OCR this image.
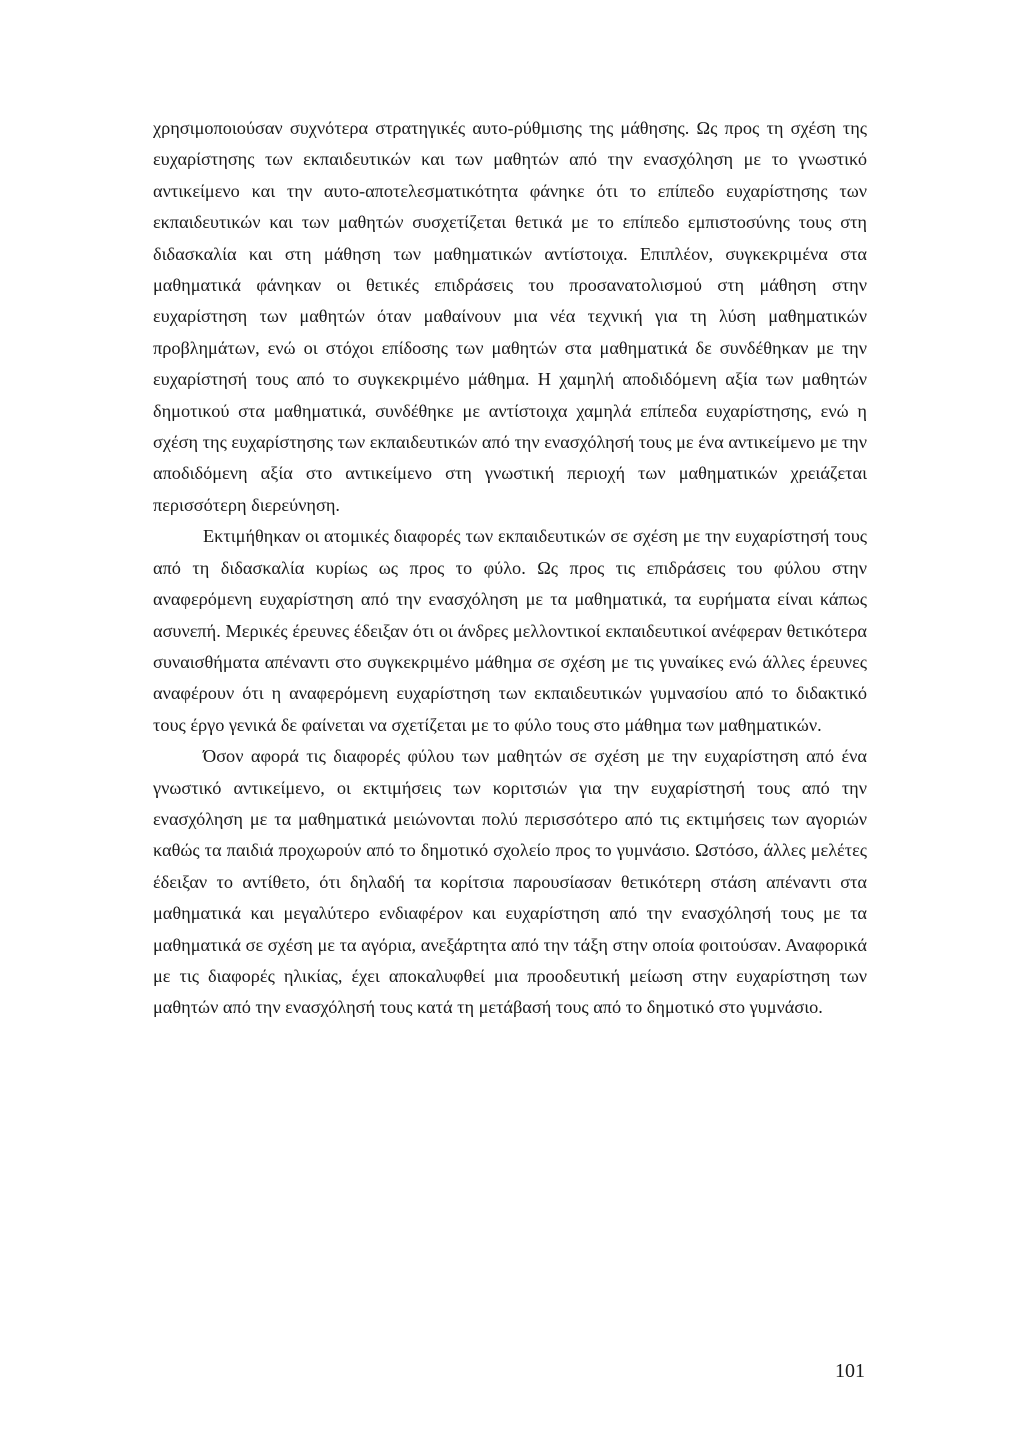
χρησιμοποιούσαν συχνότερα στρατηγικές αυτο-ρύθμισης της μάθησης. Ως προς τη σχέση της ευχαρίστησης των εκπαιδευτικών και των μαθητών από την ενασχόληση με το γνωστικό αντικείμενο και την αυτο-αποτελεσματικότητα φάνηκε ότι το επίπεδο ευχαρίστησης των εκπαιδευτικών και των μαθητών συσχετίζεται θετικά με το επίπεδο εμπιστοσύνης τους στη διδασκαλία και στη μάθηση των μαθηματικών αντίστοιχα. Επιπλέον, συγκεκριμένα στα μαθηματικά φάνηκαν οι θετικές επιδράσεις του προσανατολισμού στη μάθηση στην ευχαρίστηση των μαθητών όταν μαθαίνουν μια νέα τεχνική για τη λύση μαθηματικών προβλημάτων, ενώ οι στόχοι επίδοσης των μαθητών στα μαθηματικά δε συνδέθηκαν με την ευχαρίστησή τους από το συγκεκριμένο μάθημα. Η χαμηλή αποδιδόμενη αξία των μαθητών δημοτικού στα μαθηματικά, συνδέθηκε με αντίστοιχα χαμηλά επίπεδα ευχαρίστησης, ενώ η σχέση της ευχαρίστησης των εκπαιδευτικών από την ενασχόλησή τους με ένα αντικείμενο με την αποδιδόμενη αξία στο αντικείμενο στη γνωστική περιοχή των μαθηματικών χρειάζεται περισσότερη διερεύνηση.

Εκτιμήθηκαν οι ατομικές διαφορές των εκπαιδευτικών σε σχέση με την ευχαρίστησή τους από τη διδασκαλία κυρίως ως προς το φύλο. Ως προς τις επιδράσεις του φύλου στην αναφερόμενη ευχαρίστηση από την ενασχόληση με τα μαθηματικά, τα ευρήματα είναι κάπως ασυνεπή. Μερικές έρευνες έδειξαν ότι οι άνδρες μελλοντικοί εκπαιδευτικοί ανέφεραν θετικότερα συναισθήματα απέναντι στο συγκεκριμένο μάθημα σε σχέση με τις γυναίκες ενώ άλλες έρευνες αναφέρουν ότι η αναφερόμενη ευχαρίστηση των εκπαιδευτικών γυμνασίου από το διδακτικό τους έργο γενικά δε φαίνεται να σχετίζεται με το φύλο τους στο μάθημα των μαθηματικών.

Όσον αφορά τις διαφορές φύλου των μαθητών σε σχέση με την ευχαρίστηση από ένα γνωστικό αντικείμενο, οι εκτιμήσεις των κοριτσιών για την ευχαρίστησή τους από την ενασχόληση με τα μαθηματικά μειώνονται πολύ περισσότερο από τις εκτιμήσεις των αγοριών καθώς τα παιδιά προχωρούν από το δημοτικό σχολείο προς το γυμνάσιο. Ωστόσο, άλλες μελέτες έδειξαν το αντίθετο, ότι δηλαδή τα κορίτσια παρουσίασαν θετικότερη στάση απέναντι στα μαθηματικά και μεγαλύτερο ενδιαφέρον και ευχαρίστηση από την ενασχόλησή τους με τα μαθηματικά σε σχέση με τα αγόρια, ανεξάρτητα από την τάξη στην οποία φοιτούσαν. Αναφορικά με τις διαφορές ηλικίας, έχει αποκαλυφθεί μια προοδευτική μείωση στην ευχαρίστηση των μαθητών από την ενασχόλησή τους κατά τη μετάβασή τους από το δημοτικό στο γυμνάσιο.

101
